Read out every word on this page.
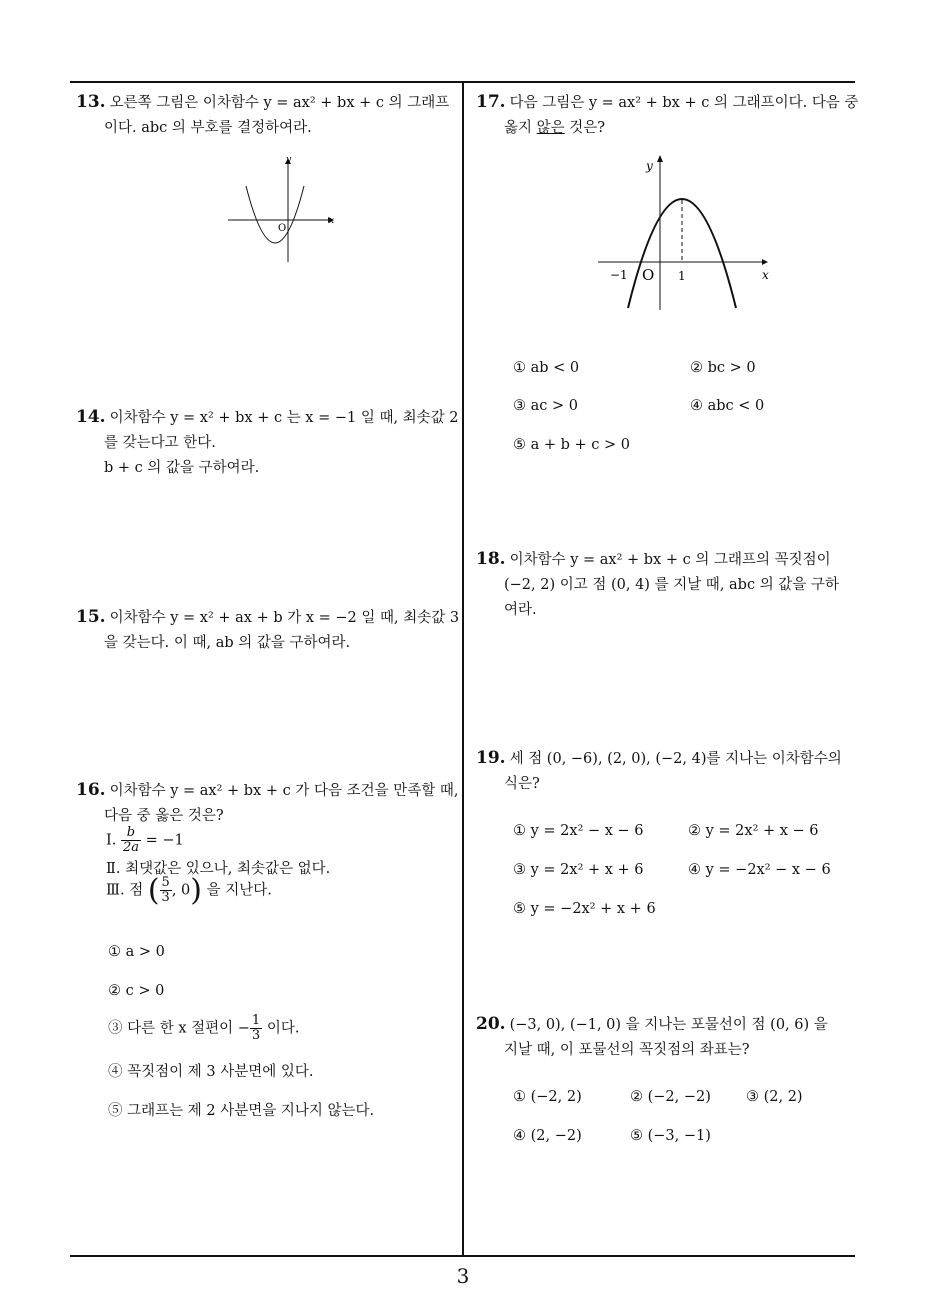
13. 오른쪽 그림은 이차함수 y = ax² + bx + c 의 그래프
이다. abc 의 부호를 결정하여라.
x
y
O
14. 이차함수 y = x² + bx + c 는 x = −1 일 때, 최솟값 2
를 갖는다고 한다.
b + c 의 값을 구하여라.
15. 이차함수 y = x² + ax + b 가 x = −2 일 때, 최솟값 3
을 갖는다. 이 때, ab 의 값을 구하여라.
16. 이차함수 y = ax² + bx + c 가 다음 조건을 만족할 때,
다음 중 옳은 것은?
Ⅰ. $\frac{b}{2a} = -1$
Ⅱ. 최댓값은 있으나, 최솟값은 없다.
Ⅲ. 점 ( $\frac{5}{3}$ , 0) 을 지난다.
① a > 0
② c > 0
③ 다른 한 x 절편이 − $\frac{1}{3}$ 이다.
④ 꼭짓점이 제 3 사분면에 있다.
⑤ 그래프는 제 2 사분면을 지나지 않는다.
17. 다음 그림은 y = ax² + bx + c 의 그래프이다. 다음 중
옳지 않은 것은?
x
y
O
−1	1
① ab < 0	② bc > 0
③ ac > 0	④ abc < 0
⑤ a + b + c > 0
18. 이차함수 y = ax² + bx + c 의 그래프의 꼭짓점이
(−2, 2) 이고 점 (0, 4) 를 지날 때, abc 의 값을 구하
여라.
19. 세 점 (0, −6), (2, 0), (−2, 4)를 지나는 이차함수의
식은?
① y = 2x² − x − 6	② y = 2x² + x − 6
③ y = 2x² + x + 6	④ y = −2x² − x − 6
⑤ y = −2x² + x + 6
20. (−3, 0), (−1, 0) 을 지나는 포물선이 점 (0, 6) 을
지날 때, 이 포물선의 꼭짓점의 좌표는?
① (−2, 2)	② (−2, −2) ③ (2, 2)
④ (2, −2)	⑤ (−3, −1)
3
